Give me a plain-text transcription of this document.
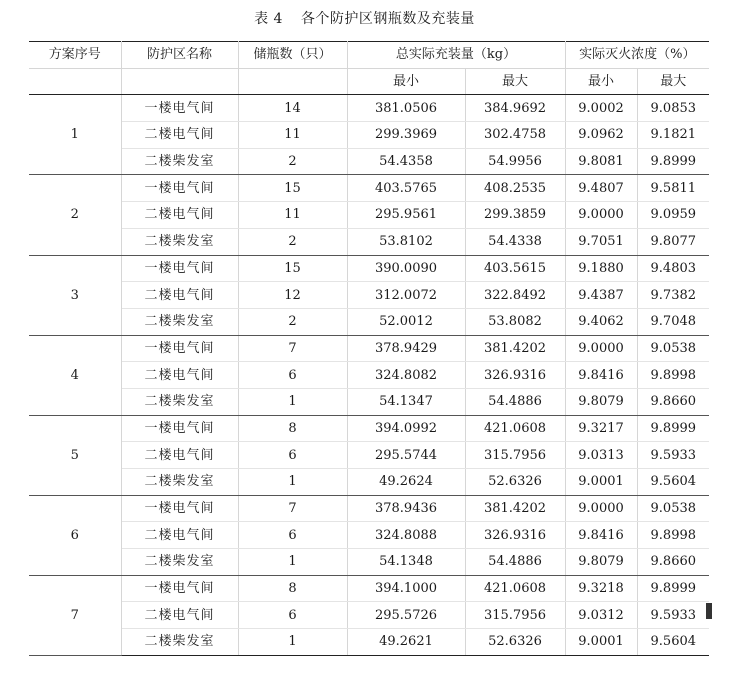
表 4 各个防护区钢瓶数及充装量
方案序号	防护区名称	储瓶数（只）	总实际充装量（kg）		实际灭火浓度（%）	
			最小	最大	最小	最大
1	一楼电气间	14	381.0506	384.9692	9.0002	9.0853
	二楼电气间	11	299.3969	302.4758	9.0962	9.1821
	二楼柴发室	2	54.4358	54.9956	9.8081	9.8999
2	一楼电气间	15	403.5765	408.2535	9.4807	9.5811
	二楼电气间	11	295.9561	299.3859	9.0000	9.0959
	二楼柴发室	2	53.8102	54.4338	9.7051	9.8077
3	一楼电气间	15	390.0090	403.5615	9.1880	9.4803
	二楼电气间	12	312.0072	322.8492	9.4387	9.7382
	二楼柴发室	2	52.0012	53.8082	9.4062	9.7048
4	一楼电气间	7	378.9429	381.4202	9.0000	9.0538
	二楼电气间	6	324.8082	326.9316	9.8416	9.8998
	二楼柴发室	1	54.1347	54.4886	9.8079	9.8660
5	一楼电气间	8	394.0992	421.0608	9.3217	9.8999
	二楼电气间	6	295.5744	315.7956	9.0313	9.5933
	二楼柴发室	1	49.2624	52.6326	9.0001	9.5604
6	一楼电气间	7	378.9436	381.4202	9.0000	9.0538
	二楼电气间	6	324.8088	326.9316	9.8416	9.8998
	二楼柴发室	1	54.1348	54.4886	9.8079	9.8660
7	一楼电气间	8	394.1000	421.0608	9.3218	9.8999
	二楼电气间	6	295.5726	315.7956	9.0312	9.5933
	二楼柴发室	1	49.2621	52.6326	9.0001	9.5604
